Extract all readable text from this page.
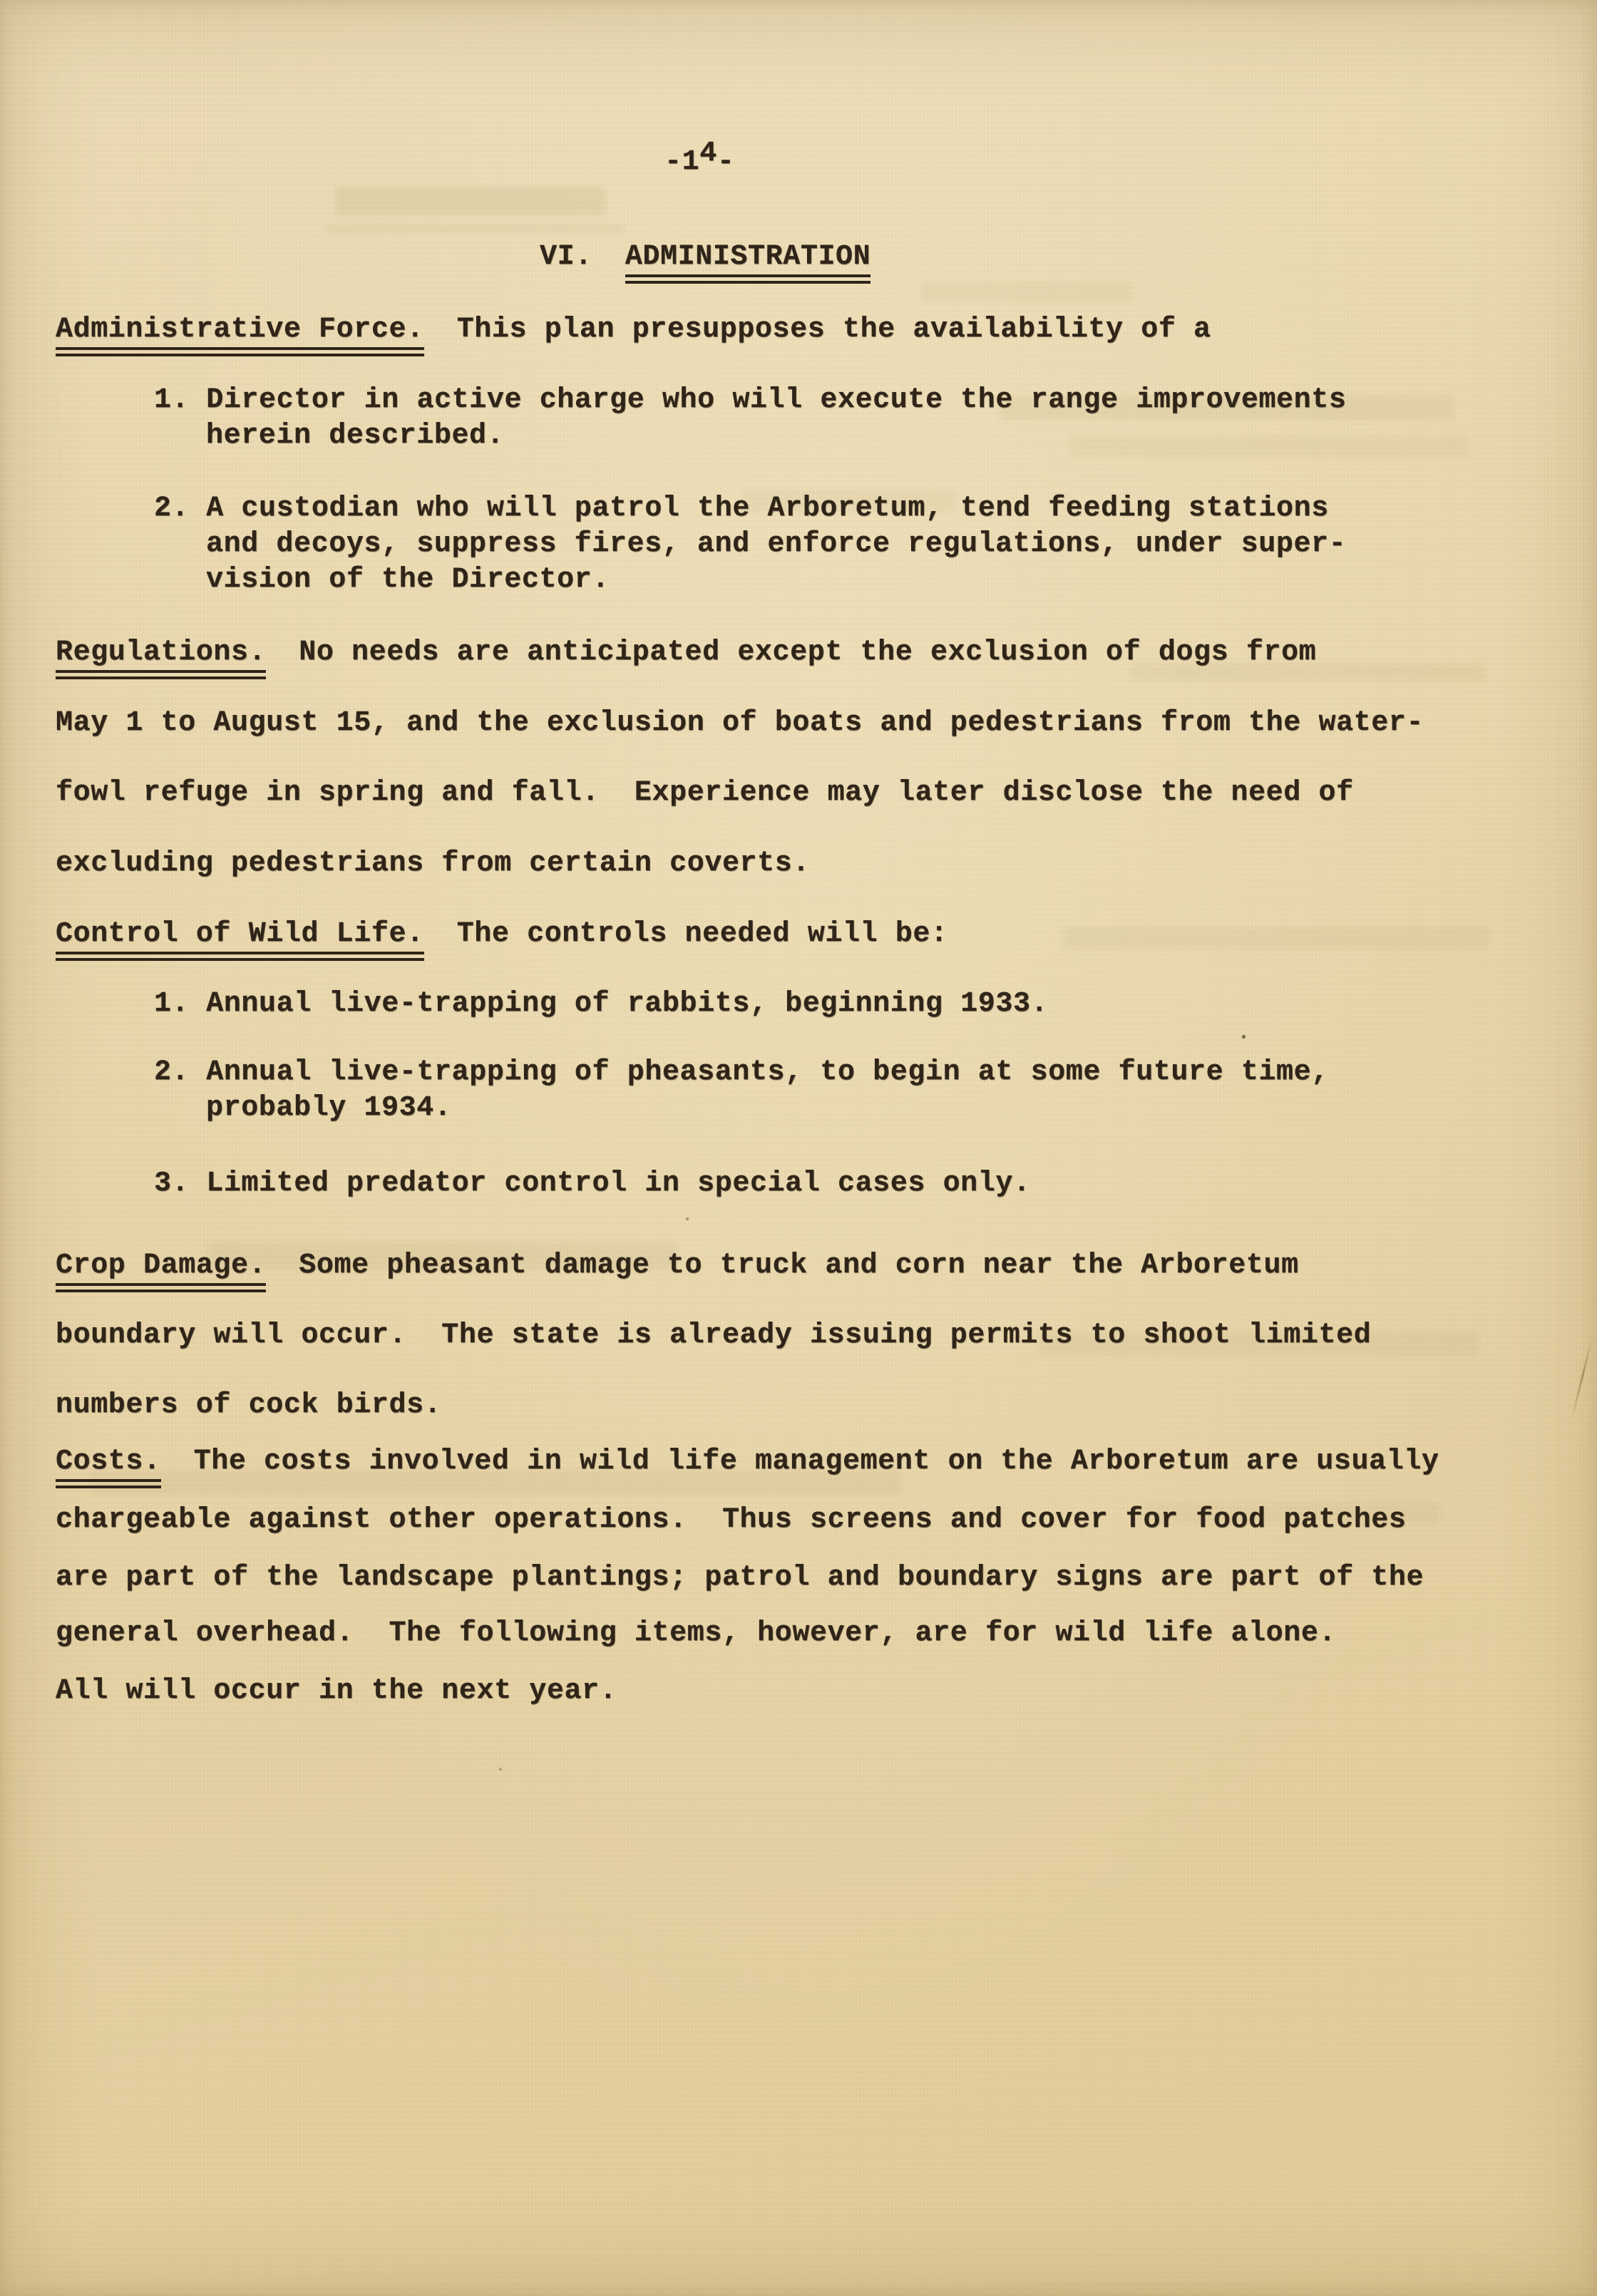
-14-
VI. ADMINISTRATION
Administrative Force. This plan presupposes the availability of a
1. Director in active charge who will execute the range improvements
herein described.
2. A custodian who will patrol the Arboretum, tend feeding stations
and decoys, suppress fires, and enforce regulations, under super-
vision of the Director.
Regulations. No needs are anticipated except the exclusion of dogs from
May 1 to August 15, and the exclusion of boats and pedestrians from the water-
fowl refuge in spring and fall.  Experience may later disclose the need of
excluding pedestrians from certain coverts.
Control of Wild Life. The controls needed will be:
1. Annual live-trapping of rabbits, beginning 1933.
2. Annual live-trapping of pheasants, to begin at some future time,
probably 1934.
3. Limited predator control in special cases only.
Crop Damage. Some pheasant damage to truck and corn near the Arboretum
boundary will occur.  The state is already issuing permits to shoot limited
numbers of cock birds.
Costs. The costs involved in wild life management on the Arboretum are usually
chargeable against other operations.  Thus screens and cover for food patches
are part of the landscape plantings; patrol and boundary signs are part of the
general overhead.  The following items, however, are for wild life alone.
All will occur in the next year.
